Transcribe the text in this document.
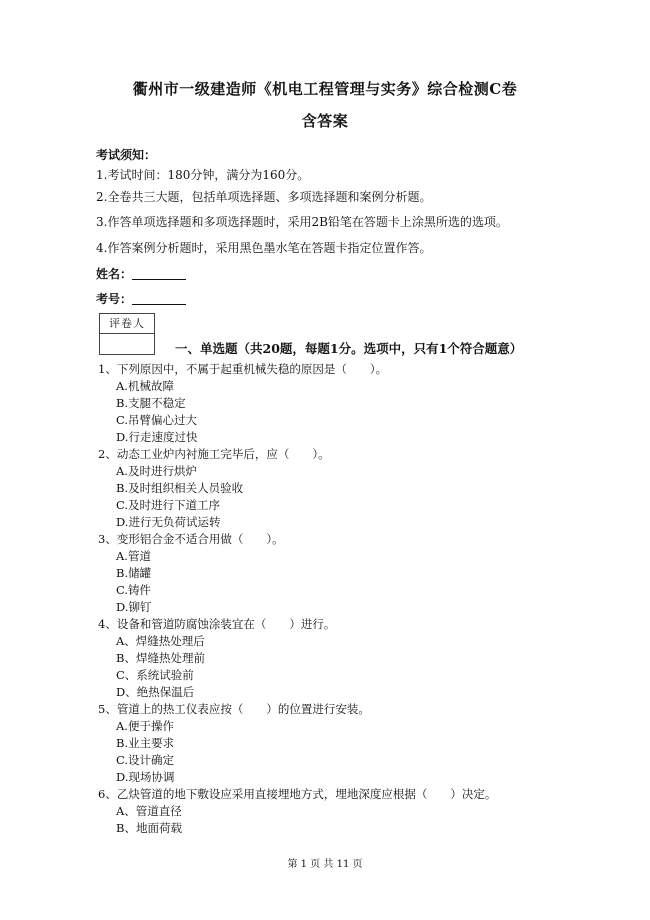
衢州市一级建造师《机电工程管理与实务》综合检测C卷
含答案
考试须知：
1.考试时间：180分钟，满分为160分。
2.全卷共三大题，包括单项选择题、多项选择题和案例分析题。
3.作答单项选择题和多项选择题时，采用2B铅笔在答题卡上涂黑所选的选项。
4.作答案例分析题时，采用黑色墨水笔在答题卡指定位置作答。
姓名：
考号：
评卷人
一、单选题（共20题，每题1分。选项中，只有1个符合题意）
1、下列原因中，不属于起重机械失稳的原因是（　　）。
A.机械故障
B.支腿不稳定
C.吊臂偏心过大
D.行走速度过快
2、动态工业炉内衬施工完毕后，应（　　）。
A.及时进行烘炉
B.及时组织相关人员验收
C.及时进行下道工序
D.进行无负荷试运转
3、变形铝合金不适合用做（　　）。
A.管道
B.储罐
C.铸件
D.铆钉
4、设备和管道防腐蚀涂装宜在（　　）进行。
A、焊缝热处理后
B、焊缝热处理前
C、系统试验前
D、绝热保温后
5、管道上的热工仪表应按（　　）的位置进行安装。
A.便于操作
B.业主要求
C.设计确定
D.现场协调
6、乙炔管道的地下敷设应采用直接埋地方式，埋地深度应根据（　　）决定。
A、管道直径
B、地面荷载
第 1 页 共 11 页
